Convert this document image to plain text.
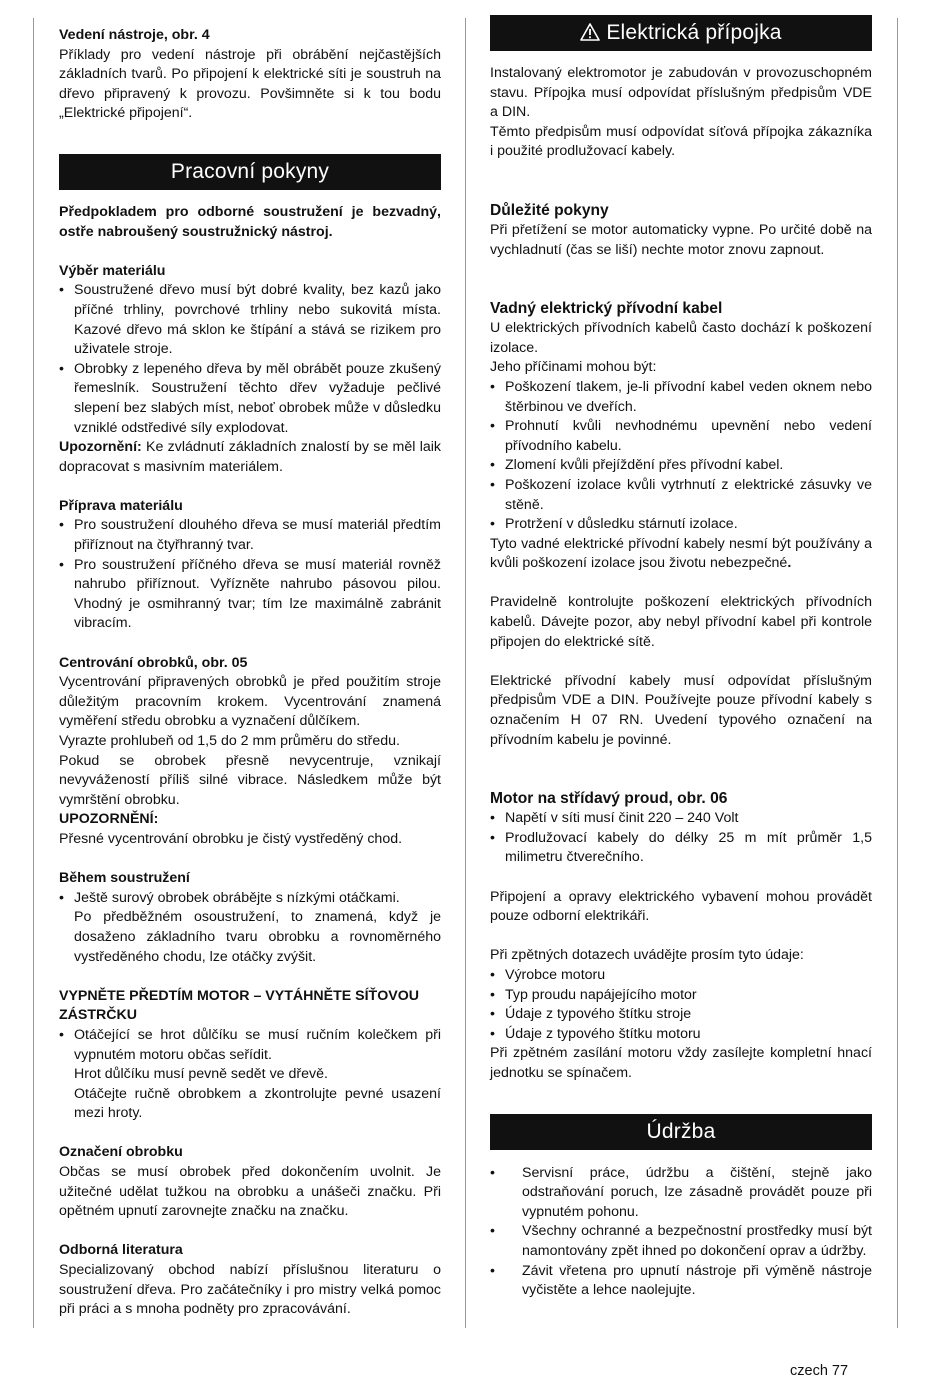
Vedení nástroje, obr. 4

Příklady pro vedení nástroje při obrábění nejčastějších základních tvarů. Po připojení k elektrické síti je soustruh na dřevo připravený k provozu. Povšimněte si k tou bodu „Elektrické připojení“.

Pracovní pokyny

Předpokladem pro odborné soustružení je bezvadný, ostře nabroušený soustružnický nástroj.

Výběr materiálu

• Soustružené dřevo musí být dobré kvality, bez kazů jako příčné trhliny, povrchové trhliny nebo sukovitá místa. Kazové dřevo má sklon ke štípání a stává se rizikem pro uživatele stroje.
• Obrobky z lepeného dřeva by měl obrábět pouze zkušený řemeslník. Soustružení těchto dřev vyžaduje pečlivé slepení bez slabých míst, neboť obrobek může v důsledku vzniklé odstředivé síly explodovat.

Upozornění: Ke zvládnutí základních znalostí by se měl laik dopracovat s masivním materiálem.

Příprava materiálu

• Pro soustružení dlouhého dřeva se musí materiál předtím přiříznout na čtyřhranný tvar.
• Pro soustružení příčného dřeva se musí materiál rovněž nahrubo přiříznout. Vyřízněte nahrubo pásovou pilou. Vhodný je osmihranný tvar; tím lze maximálně zabránit vibracím.

Centrování obrobků, obr. 05

Vycentrování připravených obrobků je před použitím stroje důležitým pracovním krokem. Vycentrování znamená vyměření středu obrobku a vyznačení důlčíkem.

Vyrazte prohlubeň od 1,5 do 2 mm průměru do středu.

Pokud se obrobek přesně nevycentruje, vznikají nevyvážeností příliš silné vibrace. Následkem může být vymrštění obrobku.

UPOZORNĚNÍ:

Přesné vycentrování obrobku je čistý vystředěný chod.

Během soustružení

• Ještě surový obrobek obrábějte s nízkými otáčkami.

Po předběžném osoustružení, to znamená, když je dosaženo základního tvaru obrobku a rovnoměrného vystředěného chodu, lze otáčky zvýšit.

VYPNĚTE PŘEDTÍM MOTOR – VYTÁHNĚTE SÍŤOVOU ZÁSTRČKU

• Otáčející se hrot důlčíku se musí ručním kolečkem při vypnutém motoru občas seřídit.

Hrot důlčíku musí pevně sedět ve dřevě.

Otáčejte ručně obrobkem a zkontrolujte pevné usazení mezi hroty.

Označení obrobku

Občas se musí obrobek před dokončením uvolnit. Je užitečné udělat tužkou na obrobku a unášeči značku. Při opětném upnutí zarovnejte značku na značku.

Odborná literatura

Specializovaný obchod nabízí příslušnou literaturu o soustružení dřeva. Pro začátečníky i pro mistry velká pomoc při práci a s mnoha podněty pro zpracovávání.

Elektrická přípojka

Instalovaný elektromotor je zabudován v provozuschopném stavu. Přípojka musí odpovídat příslušným předpisům VDE a DIN.

Těmto předpisům musí odpovídat síťová přípojka zákazníka i použité prodlužovací kabely.

Důležité pokyny

Při přetížení se motor automaticky vypne. Po určité době na vychladnutí (čas se liší) nechte motor znovu zapnout.

Vadný elektrický přívodní kabel

U elektrických přívodních kabelů často dochází k poškození izolace.

Jeho příčinami mohou být:

• Poškození tlakem, je-li přívodní kabel veden oknem nebo štěrbinou ve dveřích.
• Prohnutí kvůli nevhodnému upevnění nebo vedení přívodního kabelu.
• Zlomení kvůli přejíždění přes přívodní kabel.
• Poškození izolace kvůli vytrhnutí z elektrické zásuvky ve stěně.
• Protržení v důsledku stárnutí izolace.

Tyto vadné elektrické přívodní kabely nesmí být používány a kvůli poškození izolace jsou životu nebezpečné.

Pravidelně kontrolujte poškození elektrických přívodních kabelů. Dávejte pozor, aby nebyl přívodní kabel při kontrole připojen do elektrické sítě.

Elektrické přívodní kabely musí odpovídat příslušným předpisům VDE a DIN. Používejte pouze přívodní kabely s označením H 07 RN. Uvedení typového označení na přívodním kabelu je povinné.

Motor na střídavý proud, obr. 06

• Napětí v síti musí činit 220 – 240 Volt
• Prodlužovací kabely do délky 25 m mít průměr 1,5 milimetru čtverečního.

Připojení a opravy elektrického vybavení mohou provádět pouze odborní elektrikáři.

Při zpětných dotazech uvádějte prosím tyto údaje:

• Výrobce motoru
• Typ proudu napájejícího motor
• Údaje z typového štítku stroje
• Údaje z typového štítku motoru

Při zpětném zasílání motoru vždy zasílejte kompletní hnací jednotku se spínačem.

Údržba
• Servisní práce, údržbu a čištění, stejně jako odstraňování poruch, lze zásadně provádět pouze při vypnutém pohonu.
• Všechny ochranné a bezpečnostní prostředky musí být namontovány zpět ihned po dokončení oprav a údržby.
• Závit vřetena pro upnutí nástroje při výměně nástroje vyčistěte a lehce naolejujte.
czech 77
